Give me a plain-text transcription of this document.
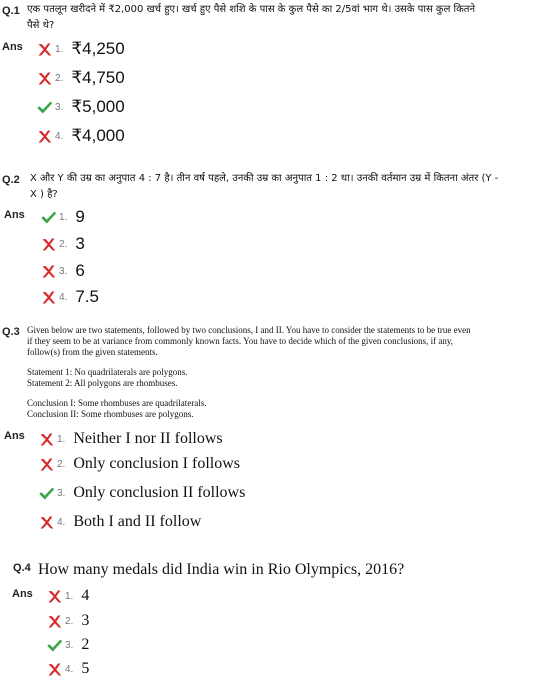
Q.1 एक पतलून खरीदने में ₹2,000 खर्च हुए। खर्च हुए पैसे शशि के पास के कुल पैसे का 2/5वां भाग थे। उसके पास कुल कितने पैसे थे?
Ans	1. ₹4,250
2. ₹4,750
3. ₹5,000
4. ₹4,000
Q.2 X और Y की उम्र का अनुपात 4 : 7 है। तीन वर्ष पहले, उनकी उम्र का अनुपात 1 : 2 था। उनकी वर्तमान उम्र में कितना अंतर (Y - X ) है?
Ans	1. 9
2. 3
3. 6
4. 7.5
Q.3 Given below are two statements, followed by two conclusions, I and II. You have to consider the statements to be true even
if they seem to be at variance from commonly known facts. You have to decide which of the given conclusions, if any,
follow(s) from the given statements.
Statement 1: No quadrilaterals are polygons.
Statement 2: All polygons are rhombuses.
Conclusion I: Some rhombuses are quadrilaterals.
Conclusion II: Some rhombuses are polygons.
Ans	1. Neither I nor II follows
2. Only conclusion I follows
3. Only conclusion II follows
4. Both I and II follow
Q.4 How many medals did India win in Rio Olympics, 2016?
Ans	1. 4
2. 3
3. 2
4. 5
